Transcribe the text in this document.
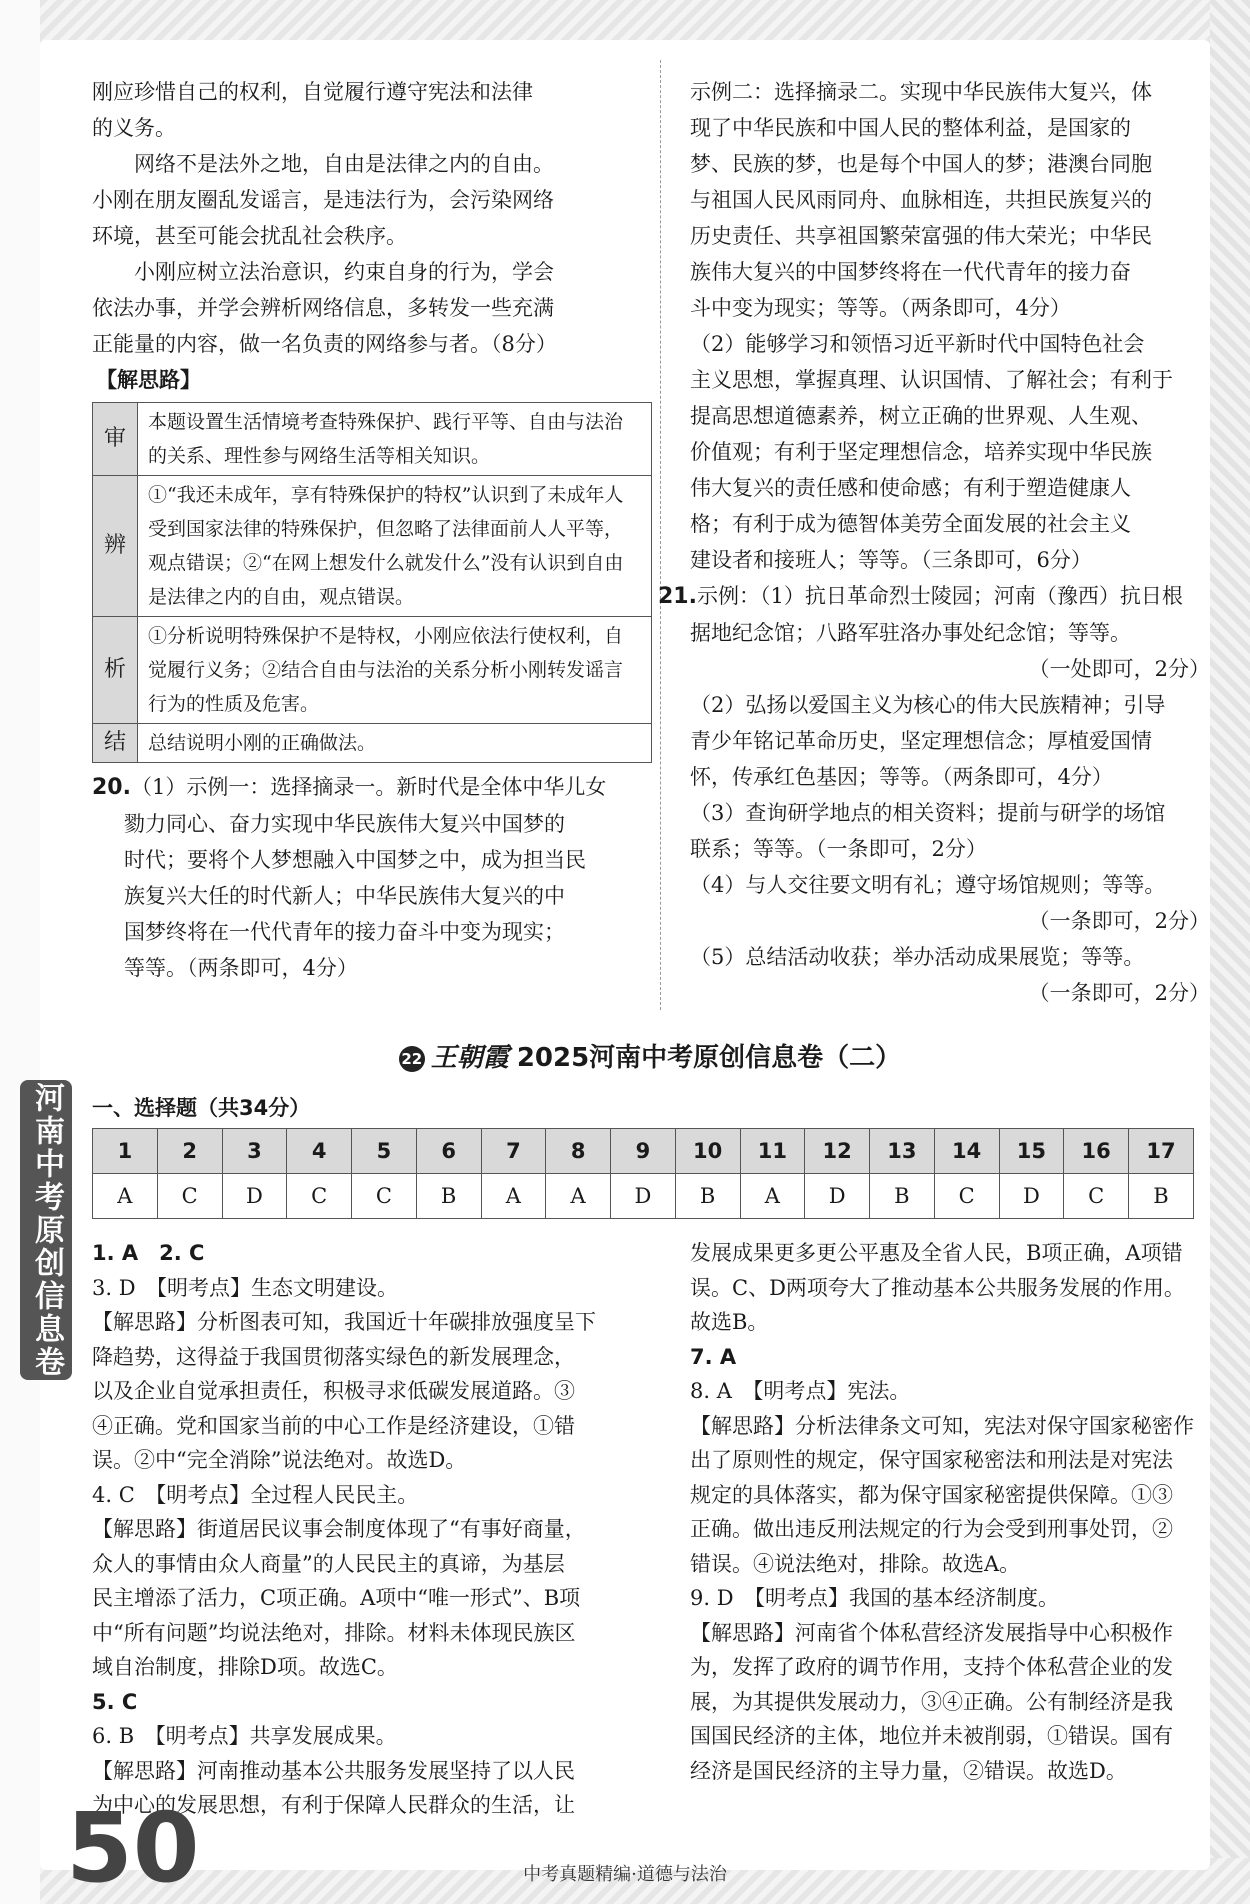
刚应珍惜自己的权利，自觉履行遵守宪法和法律

的义务。

网络不是法外之地，自由是法律之内的自由。

小刚在朋友圈乱发谣言，是违法行为，会污染网络

环境，甚至可能会扰乱社会秩序。

小刚应树立法治意识，约束自身的行为，学会

依法办事，并学会辨析网络信息，多转发一些充满

正能量的内容，做一名负责的网络参与者。（8分）

【解思路】

审	本题设置生活情境考查特殊保护、践行平等、自由与法治的关系、理性参与网络生活等相关知识。
辨	①“我还未成年，享有特殊保护的特权”认识到了未成年人受到国家法律的特殊保护，但忽略了法律面前人人平等，观点错误；②“在网上想发什么就发什么”没有认识到自由是法律之内的自由，观点错误。
析	①分析说明特殊保护不是特权，小刚应依法行使权利，自觉履行义务；②结合自由与法治的关系分析小刚转发谣言行为的性质及危害。
结	总结说明小刚的正确做法。

20.（1）示例一：选择摘录一。新时代是全体中华儿女

勠力同心、奋力实现中华民族伟大复兴中国梦的

时代；要将个人梦想融入中国梦之中，成为担当民

族复兴大任的时代新人；中华民族伟大复兴的中

国梦终将在一代代青年的接力奋斗中变为现实；

等等。（两条即可，4分）

示例二：选择摘录二。实现中华民族伟大复兴，体

现了中华民族和中国人民的整体利益，是国家的

梦、民族的梦，也是每个中国人的梦；港澳台同胞

与祖国人民风雨同舟、血脉相连，共担民族复兴的

历史责任、共享祖国繁荣富强的伟大荣光；中华民

族伟大复兴的中国梦终将在一代代青年的接力奋

斗中变为现实；等等。（两条即可，4分）

（2）能够学习和领悟习近平新时代中国特色社会

主义思想，掌握真理、认识国情、了解社会；有利于

提高思想道德素养，树立正确的世界观、人生观、

价值观；有利于坚定理想信念，培养实现中华民族

伟大复兴的责任感和使命感；有利于塑造健康人

格；有利于成为德智体美劳全面发展的社会主义

建设者和接班人；等等。（三条即可，6分）

21.示例：（1）抗日革命烈士陵园；河南（豫西）抗日根

据地纪念馆；八路军驻洛办事处纪念馆；等等。

（一处即可，2分）

（2）弘扬以爱国主义为核心的伟大民族精神；引导

青少年铭记革命历史，坚定理想信念；厚植爱国情

怀，传承红色基因；等等。（两条即可，4分）

（3）查询研学地点的相关资料；提前与研学的场馆

联系；等等。（一条即可，2分）

（4）与人交往要文明有礼；遵守场馆规则；等等。

（一条即可，2分）

（5）总结活动收获；举办活动成果展览；等等。

（一条即可，2分）

22 王朝霞 2025河南中考原创信息卷（二）
一、选择题（共34分）
1	2	3	4	5	6	7	8	9	10	11	12	13	14	15	16	17
A	C	D	C	C	B	A	A	D	B	A	D	B	C	D	C	B
河南中考原创信息卷	1. A　2. C

3. D　【明考点】生态文明建设。

【解思路】分析图表可知，我国近十年碳排放强度呈下

降趋势，这得益于我国贯彻落实绿色的新发展理念，

以及企业自觉承担责任，积极寻求低碳发展道路。③

④正确。党和国家当前的中心工作是经济建设，①错

误。②中“完全消除”说法绝对。故选D。

4. C　【明考点】全过程人民民主。

【解思路】街道居民议事会制度体现了“有事好商量，

众人的事情由众人商量”的人民民主的真谛，为基层

民主增添了活力，C项正确。A项中“唯一形式”、B项

中“所有问题”均说法绝对，排除。材料未体现民族区

域自治制度，排除D项。故选C。

5. C

6. B　【明考点】共享发展成果。

【解思路】河南推动基本公共服务发展坚持了以人民

为中心的发展思想，有利于保障人民群众的生活，让

发展成果更多更公平惠及全省人民，B项正确，A项错

误。C、D两项夸大了推动基本公共服务发展的作用。

故选B。

7. A

8. A　【明考点】宪法。

【解思路】分析法律条文可知，宪法对保守国家秘密作

出了原则性的规定，保守国家秘密法和刑法是对宪法

规定的具体落实，都为保守国家秘密提供保障。①③

正确。做出违反刑法规定的行为会受到刑事处罚，②

错误。④说法绝对，排除。故选A。

9. D　【明考点】我国的基本经济制度。

【解思路】河南省个体私营经济发展指导中心积极作

为，发挥了政府的调节作用，支持个体私营企业的发

展，为其提供发展动力，③④正确。公有制经济是我

国国民经济的主体，地位并未被削弱，①错误。国有

经济是国民经济的主导力量，②错误。故选D。

50	中考真题精编·道德与法治
